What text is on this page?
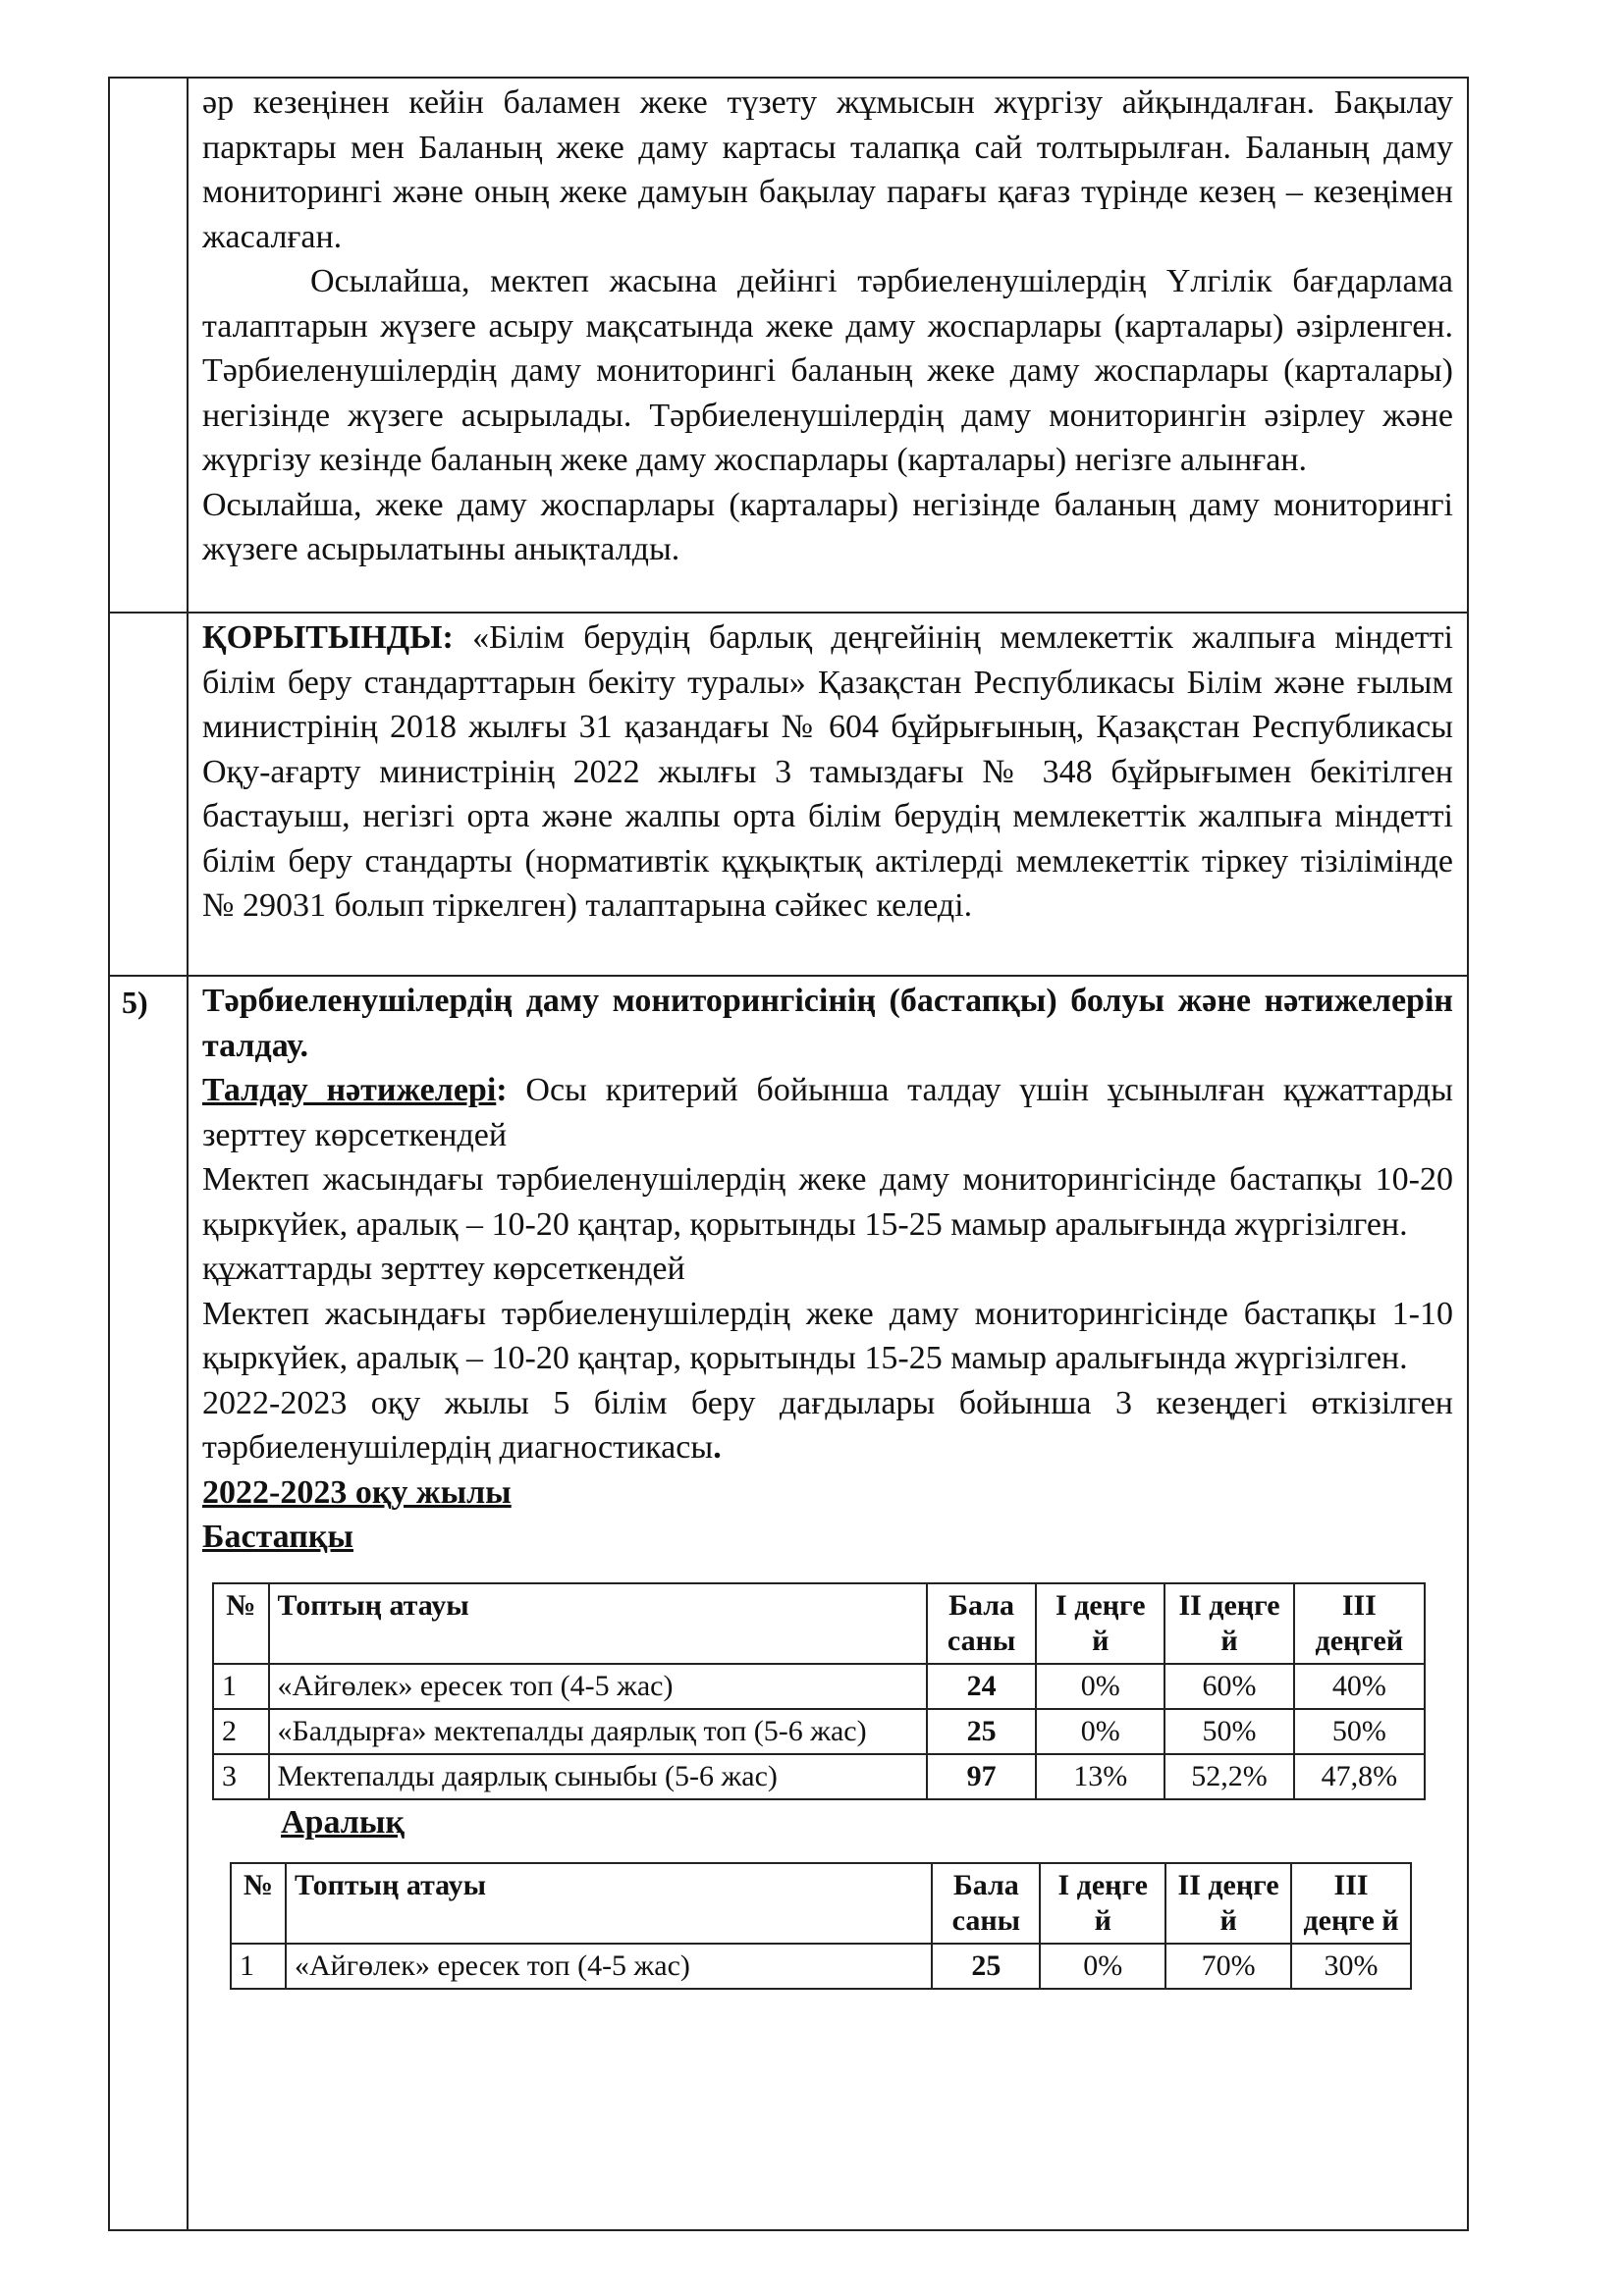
әр кезеңінен кейін баламен жеке түзету жұмысын жүргізу айқындалған. Бақылау парктары мен Баланың жеке даму картасы талапқа сай толтырылған. Баланың даму мониторингі және оның жеке дамуын бақылау парағы қағаз түрінде кезең – кезеңімен жасалған.

Осылайша, мектеп жасына дейінгі тәрбиеленушілердің Үлгілік бағдарлама талаптарын жүзеге асыру мақсатында жеке даму жоспарлары (карталары) әзірленген. Тәрбиеленушілердің даму мониторингі баланың жеке даму жоспарлары (карталары) негізінде жүзеге асырылады. Тәрбиеленушілердің даму мониторингін әзірлеу және жүргізу кезінде баланың жеке даму жоспарлары (карталары) негізге алынған.

Осылайша, жеке даму жоспарлары (карталары) негізінде баланың даму мониторингі жүзеге асырылатыны анықталды.

ҚОРЫТЫНДЫ: «Білім берудің барлық деңгейінің мемлекеттік жалпыға міндетті білім беру стандарттарын бекіту туралы» Қазақстан Республикасы Білім және ғылым министрінің 2018 жылғы 31 қазандағы № 604 бұйрығының, Қазақстан Республикасы Оқу-ағарту министрінің 2022 жылғы 3 тамыздағы № 348 бұйрығымен бекітілген бастауыш, негізгі орта және жалпы орта білім берудің мемлекеттік жалпыға міндетті білім беру стандарты (нормативтік құқықтық актілерді мемлекеттік тіркеу тізілімінде № 29031 болып тіркелген) талаптарына сәйкес келеді.

5)	Тәрбиеленушілердің даму мониторингісінің (бастапқы) болуы және нәтижелерін талдау.

Талдау нәтижелері: Осы критерий бойынша талдау үшін ұсынылған құжаттарды зерттеу көрсеткендей

Мектеп жасындағы тәрбиеленушілердің жеке даму мониторингісінде бастапқы 10-20 қыркүйек, аралық – 10-20 қаңтар, қорытынды 15-25 мамыр аралығында жүргізілген.

құжаттарды зерттеу көрсеткендей

Мектеп жасындағы тәрбиеленушілердің жеке даму мониторингісінде бастапқы 1-10 қыркүйек, аралық – 10-20 қаңтар, қорытынды 15-25 мамыр аралығында жүргізілген.

2022-2023 оқу жылы 5 білім беру дағдылары бойынша 3 кезеңдегі өткізілген тәрбиеленушілердің диагностикасы.

2022-2023 оқу жылы

Бастапқы

№	Топтың атауы	Бала саны	I деңге й	II деңге й	III деңгей
1	«Айгөлек» ересек топ (4-5 жас)	24	0%	60%	40%
2	«Балдырға» мектепалды даярлық топ (5-6 жас)	25	0%	50%	50%
3	Мектепалды даярлық сыныбы (5-6 жас)	97	13%	52,2%	47,8%

Аралық

№	Топтың атауы	Бала саны	I деңге й	II деңге й	III деңге й
1	«Айгөлек» ересек топ (4-5 жас)	25	0%	70%	30%
